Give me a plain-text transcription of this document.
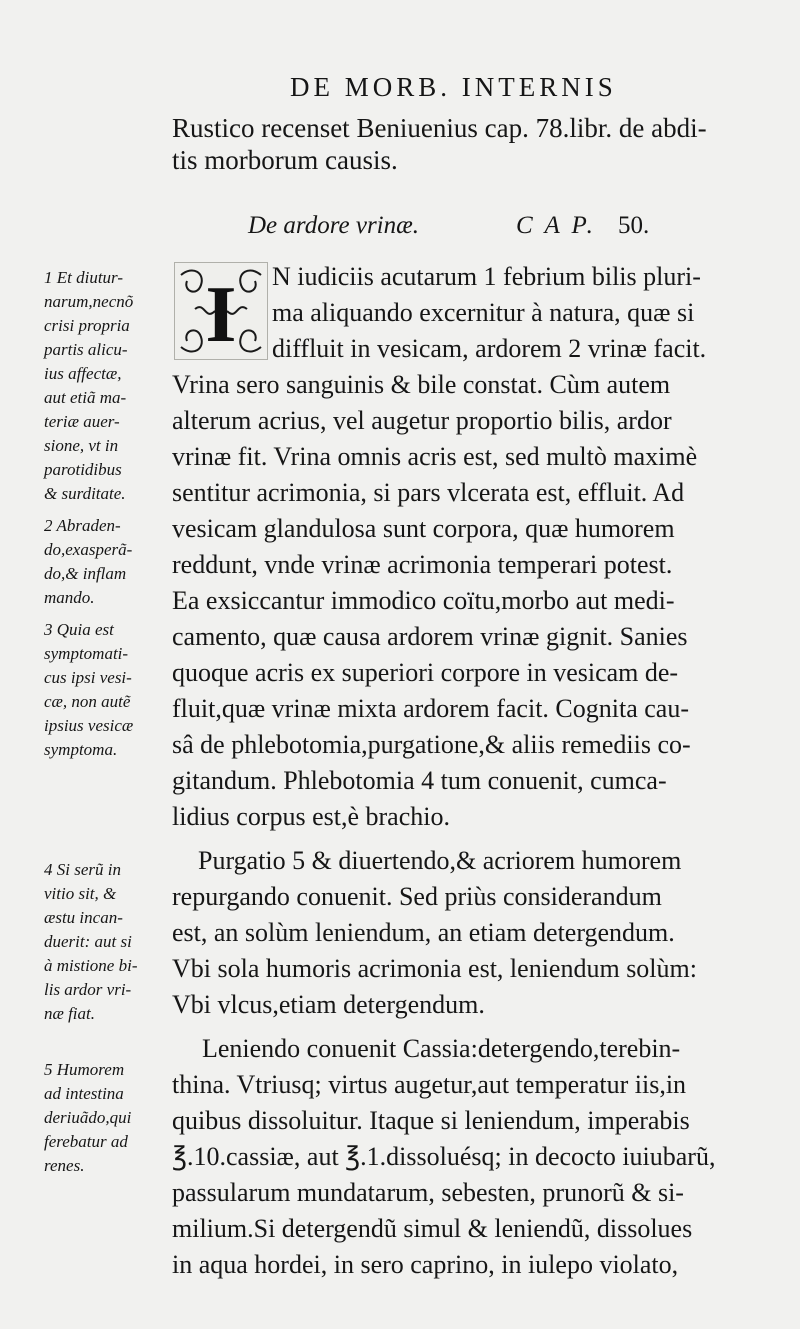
DE MORB. INTERNIS
Rustico recenset Beniuenius cap. 78.libr. de abdi-
tis morborum causis.
De ardore vrinæ.	C A P. 50.
I N iudiciis acutarum 1 febrium bilis pluri-
ma aliquando excernitur à natura, quæ si
diffluit in vesicam, ardorem 2 vrinæ facit.
Vrina sero sanguinis & bile constat. Cùm autem
alterum acrius, vel augetur proportio bilis, ardor
vrinæ fit. Vrina omnis acris est, sed multò maximè
sentitur acrimonia, si pars vlcerata est, effluit. Ad
vesicam glandulosa sunt corpora, quæ humorem
reddunt, vnde vrinæ acrimonia temperari potest.
Ea exsiccantur immodico coïtu,morbo aut medi-
camento, quæ causa ardorem vrinæ gignit. Sanies
quoque acris ex superiori corpore in vesicam de-
fluit,quæ vrinæ mixta ardorem facit. Cognita cau-
sâ de phlebotomia,purgatione,& aliis remediis co-
gitandum. Phlebotomia 4 tum conuenit, cumca-
lidius corpus est,è brachio.
Purgatio 5 & diuertendo,& acriorem humorem
repurgando conuenit. Sed priùs considerandum
est, an solùm leniendum, an etiam detergendum.
Vbi sola humoris acrimonia est, leniendum solùm:
Vbi vlcus,etiam detergendum.
Leniendo conuenit Cassia:detergendo,terebin-
thina. Vtriusq; virtus augetur,aut temperatur iis,in
quibus dissoluitur. Itaque si leniendum, imperabis
℥.10.cassiæ, aut ℥.1.dissoluésq; in decocto iuiubarũ,
passularum mundatarum, sebesten, prunorũ & si-
milium.Si detergendũ simul & leniendũ, dissolues
in aqua hordei, in sero caprino, in iulepo violato,
1 Et diutur-
narum,necnõ
crisi propria
partis alicu-
ius affectæ,
aut etiã ma-
teriæ auer-
sione, vt in
parotidibus
& surditate.
2 Abraden-
do,exasperã-
do,& inflam
mando.
3 Quia est
symptomati-
cus ipsi vesi-
cæ, non autẽ
ipsius vesicæ
symptoma.
4 Si serũ in
vitio sit, &
æstu incan-
duerit: aut si
à mistione bi-
lis ardor vri-
næ fiat.
5 Humorem
ad intestina
deriuãdo,qui
ferebatur ad
renes.
